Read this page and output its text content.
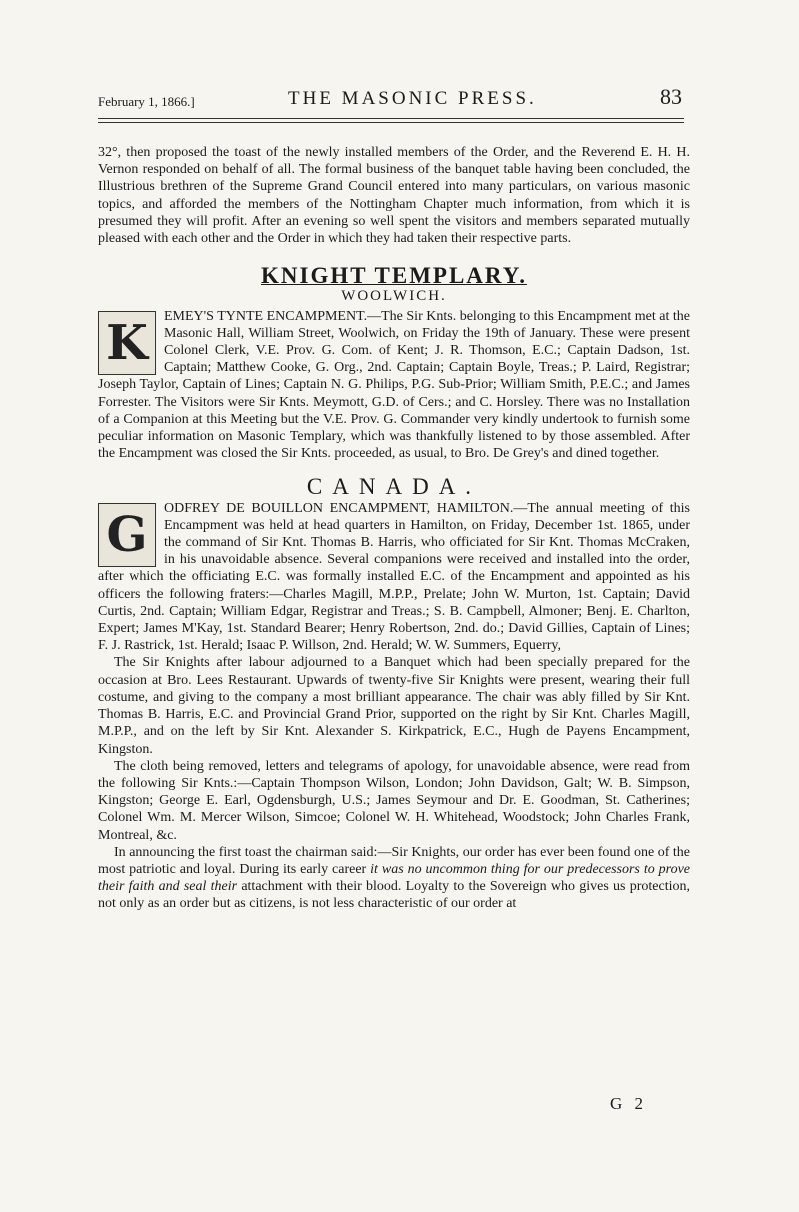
February 1, 1866.]	THE MASONIC PRESS.	83

32°, then proposed the toast of the newly installed members of the Order, and the Reverend E. H. H. Vernon responded on behalf of all. The formal business of the banquet table having been concluded, the Illustrious brethren of the Supreme Grand Council entered into many particulars, on various masonic topics, and afforded the members of the Nottingham Chapter much information, from which it is presumed they will profit. After an evening so well spent the visitors and members separated mutually pleased with each other and the Order in which they had taken their respective parts.

KNIGHT TEMPLARY.
WOOLWICH.

K	EMEY'S TYNTE ENCAMPMENT.—The Sir Knts. belonging to this Encampment met at the Masonic Hall, William Street, Woolwich, on Friday the 19th of January. These were present Colonel Clerk, V.E. Prov. G. Com. of Kent; J. R. Thomson, E.C.; Captain Dadson, 1st. Captain; Matthew Cooke, G. Org., 2nd. Captain; Captain Boyle, Treas.; P. Laird, Registrar; Joseph Taylor, Captain of Lines; Captain N. G. Philips, P.G. Sub-Prior; William Smith, P.E.C.; and James Forrester. The Visitors were Sir Knts. Meymott, G.D. of Cers.; and C. Horsley. There was no Installation of a Companion at this Meeting but the V.E. Prov. G. Commander very kindly undertook to furnish some peculiar information on Masonic Templary, which was thankfully listened to by those assembled. After the Encampment was closed the Sir Knts. proceeded, as usual, to Bro. De Grey's and dined together.

CANADA.

G	ODFREY DE BOUILLON ENCAMPMENT, HAMILTON.—The annual meeting of this Encampment was held at head quarters in Hamilton, on Friday, December 1st. 1865, under the command of Sir Knt. Thomas B. Harris, who officiated for Sir Knt. Thomas McCraken, in his unavoidable absence. Several companions were received and installed into the order, after which the officiating E.C. was formally installed E.C. of the Encampment and appointed as his officers the following fraters:—Charles Magill, M.P.P., Prelate; John W. Murton, 1st. Captain; David Curtis, 2nd. Captain; William Edgar, Registrar and Treas.; S. B. Campbell, Almoner; Benj. E. Charlton, Expert; James M'Kay, 1st. Standard Bearer; Henry Robertson, 2nd. do.; David Gillies, Captain of Lines; F. J. Rastrick, 1st. Herald; Isaac P. Willson, 2nd. Herald; W. W. Summers, Equerry,

The Sir Knights after labour adjourned to a Banquet which had been specially prepared for the occasion at Bro. Lees Restaurant. Upwards of twenty-five Sir Knights were present, wearing their full costume, and giving to the company a most brilliant appearance. The chair was ably filled by Sir Knt. Thomas B. Harris, E.C. and Provincial Grand Prior, supported on the right by Sir Knt. Charles Magill, M.P.P., and on the left by Sir Knt. Alexander S. Kirkpatrick, E.C., Hugh de Payens Encampment, Kingston.

The cloth being removed, letters and telegrams of apology, for unavoidable absence, were read from the following Sir Knts.:—Captain Thompson Wilson, London; John Davidson, Galt; W. B. Simpson, Kingston; George E. Earl, Ogdensburgh, U.S.; James Seymour and Dr. E. Goodman, St. Catherines; Colonel Wm. M. Mercer Wilson, Simcoe; Colonel W. H. Whitehead, Woodstock; John Charles Frank, Montreal, &c.

In announcing the first toast the chairman said:—Sir Knights, our order has ever been found one of the most patriotic and loyal. During its early career it was no uncommon thing for our predecessors to prove their faith and seal their attachment with their blood. Loyalty to the Sovereign who gives us protection, not only as an order but as citizens, is not less characteristic of our order at

G 2
